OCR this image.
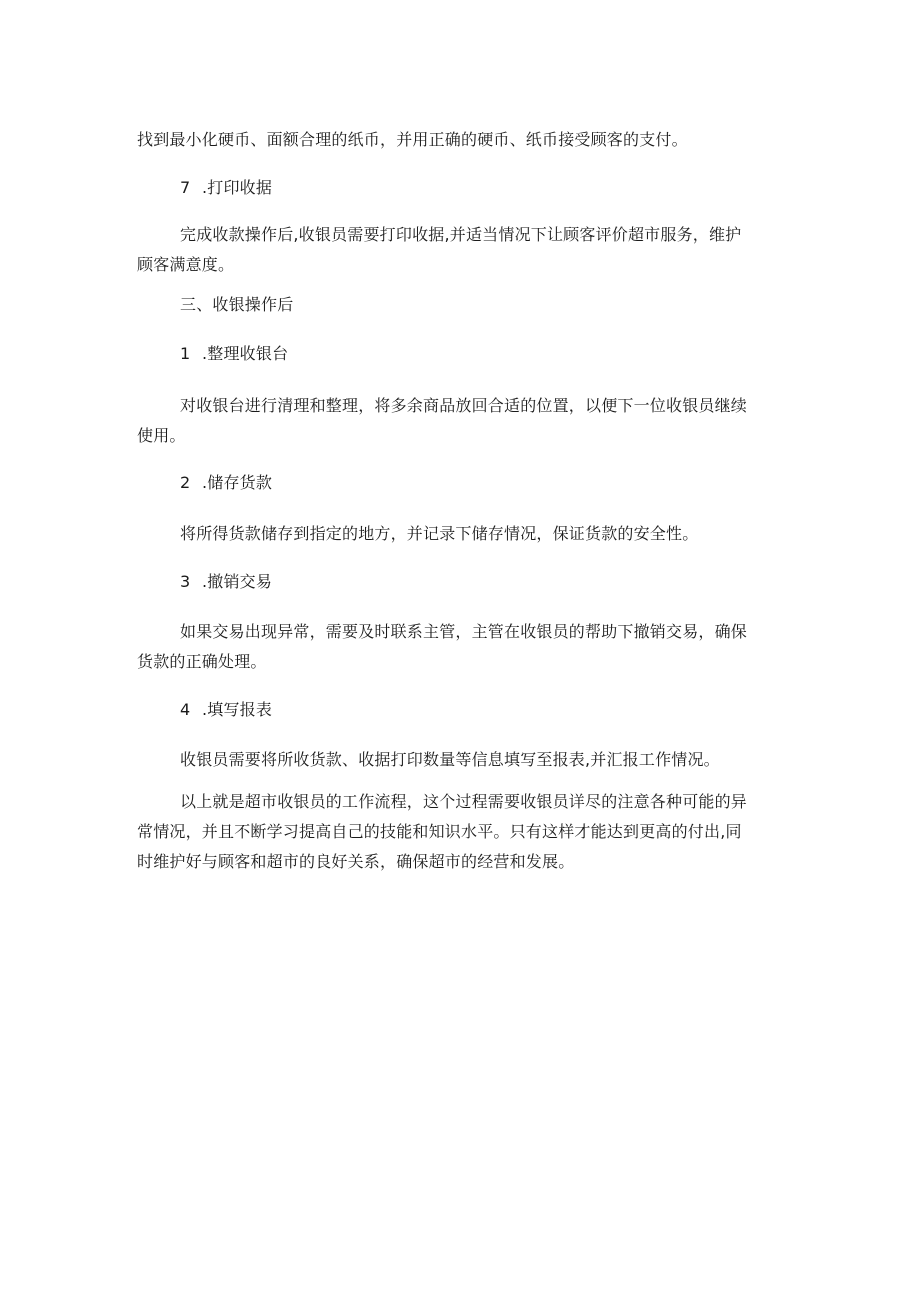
找到最小化硬币、面额合理的纸币，并用正确的硬币、纸币接受顾客的支付。
7 .打印收据
完成收款操作后,收银员需要打印收据,并适当情况下让顾客评价超市服务，维护
顾客满意度。
三、收银操作后
1 .整理收银台
对收银台进行清理和整理，将多余商品放回合适的位置，以便下一位收银员继续
使用。
2 .储存货款
将所得货款储存到指定的地方，并记录下储存情况，保证货款的安全性。
3 .撤销交易
如果交易出现异常，需要及时联系主管，主管在收银员的帮助下撤销交易，确保
货款的正确处理。
4 .填写报表
收银员需要将所收货款、收据打印数量等信息填写至报表,并汇报工作情况。
以上就是超市收银员的工作流程，这个过程需要收银员详尽的注意各种可能的异
常情况，并且不断学习提高自己的技能和知识水平。只有这样才能达到更高的付出,同
时维护好与顾客和超市的良好关系，确保超市的经营和发展。
